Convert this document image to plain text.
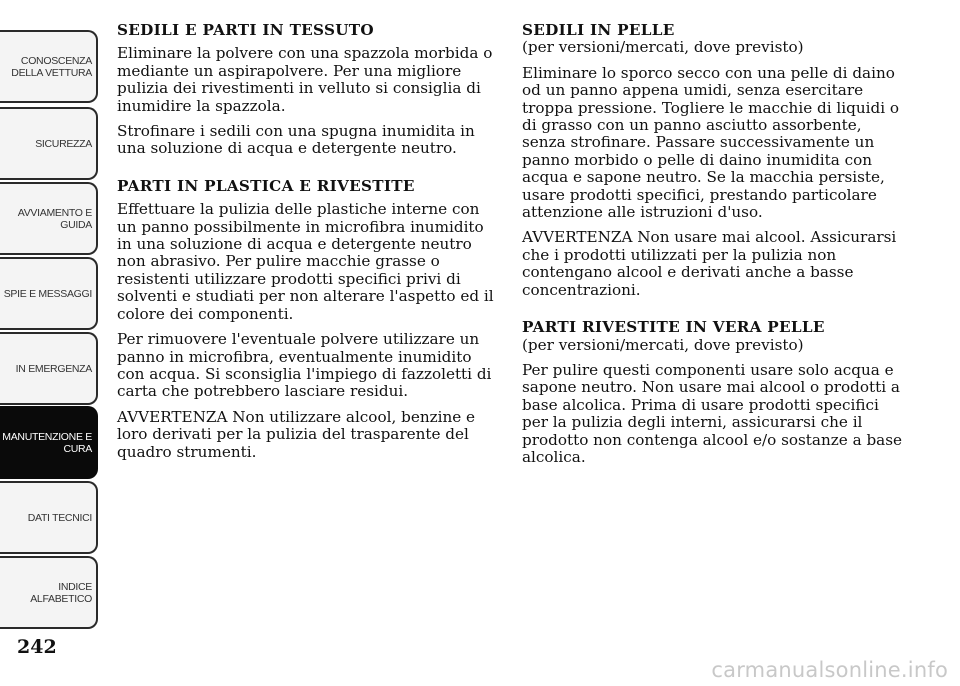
CONOSCENZA
DELLA VETTURA
SICUREZZA
AVVIAMENTO E
GUIDA
SPIE E MESSAGGI
IN EMERGENZA
MANUTENZIONE E
CURA
DATI TECNICI
INDICE
ALFABETICO
242
SEDILI E PARTI IN TESSUTO

Eliminare la polvere con una spazzola morbida o mediante un aspirapolvere. Per una migliore pulizia dei rivestimenti in velluto si consiglia di inumidire la spazzola.

Strofinare i sedili con una spugna inumidita in una soluzione di acqua e detergente neutro.

PARTI IN PLASTICA E RIVESTITE

Effettuare la pulizia delle plastiche interne con un panno possibilmente in microfibra inumidito in una soluzione di acqua e detergente neutro non abrasivo. Per pulire macchie grasse o resistenti utilizzare prodotti specifici privi di solventi e studiati per non alterare l'aspetto ed il colore dei componenti.

Per rimuovere l'eventuale polvere utilizzare un panno in microfibra, eventualmente inumidito con acqua. Si sconsiglia l'impiego di fazzoletti di carta che potrebbero lasciare residui.

AVVERTENZA Non utilizzare alcool, benzine e loro derivati per la pulizia del trasparente del quadro strumenti.

SEDILI IN PELLE

(per versioni/mercati, dove previsto)

Eliminare lo sporco secco con una pelle di daino od un panno appena umidi, senza esercitare troppa pressione. Togliere le macchie di liquidi o di grasso con un panno asciutto assorbente, senza strofinare. Passare successivamente un panno morbido o pelle di daino inumidita con acqua e sapone neutro. Se la macchia persiste, usare prodotti specifici, prestando particolare attenzione alle istruzioni d'uso.

AVVERTENZA Non usare mai alcool. Assicurarsi che i prodotti utilizzati per la pulizia non contengano alcool e derivati anche a basse concentrazioni.

PARTI RIVESTITE IN VERA PELLE

(per versioni/mercati, dove previsto)

Per pulire questi componenti usare solo acqua e sapone neutro. Non usare mai alcool o prodotti a base alcolica. Prima di usare prodotti specifici per la pulizia degli interni, assicurarsi che il prodotto non contenga alcool e/o sostanze a base alcolica.

carmanualsonline.info
